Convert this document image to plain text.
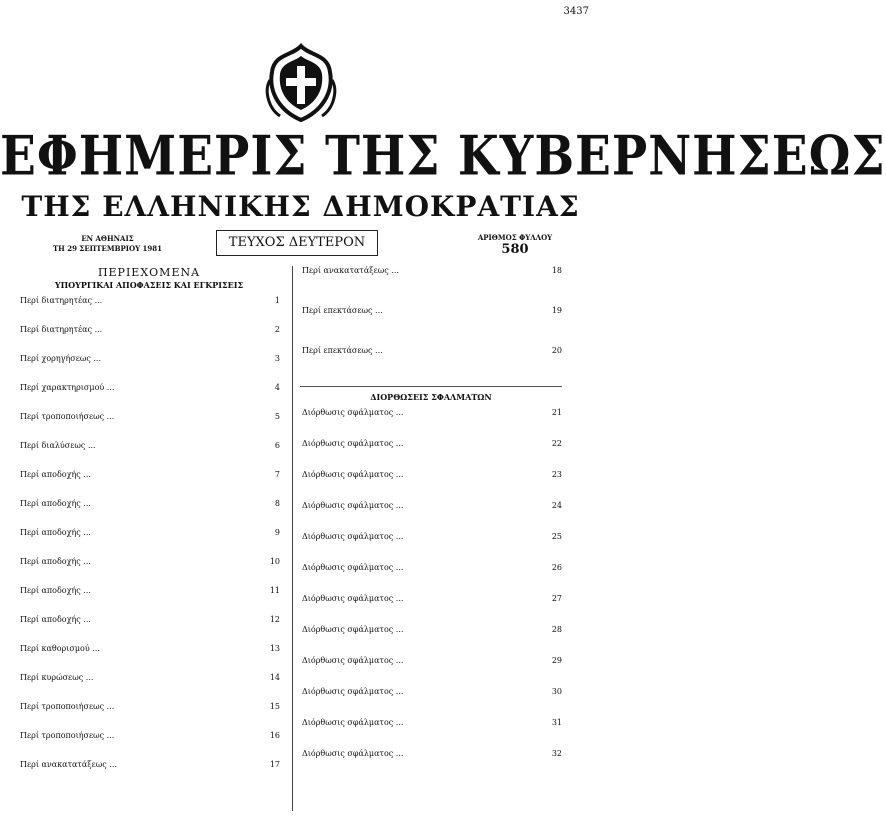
3437
ΕΦΗΜΕΡΙΣ ΤΗΣ ΚΥΒΕΡΝΗΣΕΩΣ
ΤΗΣ ΕΛΛΗΝΙΚΗΣ ΔΗΜΟΚΡΑΤΙΑΣ
ΕΝ ΑΘΗΝΑΙΣ
ΤΗ 29 ΣΕΠΤΕΜΒΡΙΟΥ 1981	ΤΕΥΧΟΣ ΔΕΥΤΕΡΟΝ	ΑΡΙΘΜΟΣ ΦΥΛΛΟΥ
580
ΠΕΡΙΕΧΟΜΕΝΑ
ΥΠΟΥΡΓΙΚΑΙ ΑΠΟΦΑΣΕΙΣ ΚΑΙ ΕΓΚΡΙΣΕΙΣ
1
Περί διατηρητέας ...
2
Περί διατηρητέας ...
3
Περί χορηγήσεως ...
4
Περί χαρακτηρισμού ...
5
Περί τροποποιήσεως ...
6
Περί διαλύσεως ...
7
Περί αποδοχής ...
8
Περί αποδοχής ...
9
Περί αποδοχής ...
10
Περί αποδοχής ...
11
Περί αποδοχής ...
12
Περί αποδοχής ...
13
Περί καθορισμού ...
14
Περί κυρώσεως ...
15
Περί τροποποιήσεως ...
16
Περί τροποποιήσεως ...
17
Περί ανακατατάξεως ...
18
Περί ανακατατάξεως ...
19
Περί επεκτάσεως ...
20
Περί επεκτάσεως ...
ΔΙΟΡΘΩΣΕΙΣ ΣΦΑΛΜΑΤΩΝ
21
Διόρθωσις σφάλματος ...
22
Διόρθωσις σφάλματος ...
23
Διόρθωσις σφάλματος ...
24
Διόρθωσις σφάλματος ...
25
Διόρθωσις σφάλματος ...
26
Διόρθωσις σφάλματος ...
27
Διόρθωσις σφάλματος ...
28
Διόρθωσις σφάλματος ...
29
Διόρθωσις σφάλματος ...
30
Διόρθωσις σφάλματος ...
31
Διόρθωσις σφάλματος ...
32
Διόρθωσις σφάλματος ...
